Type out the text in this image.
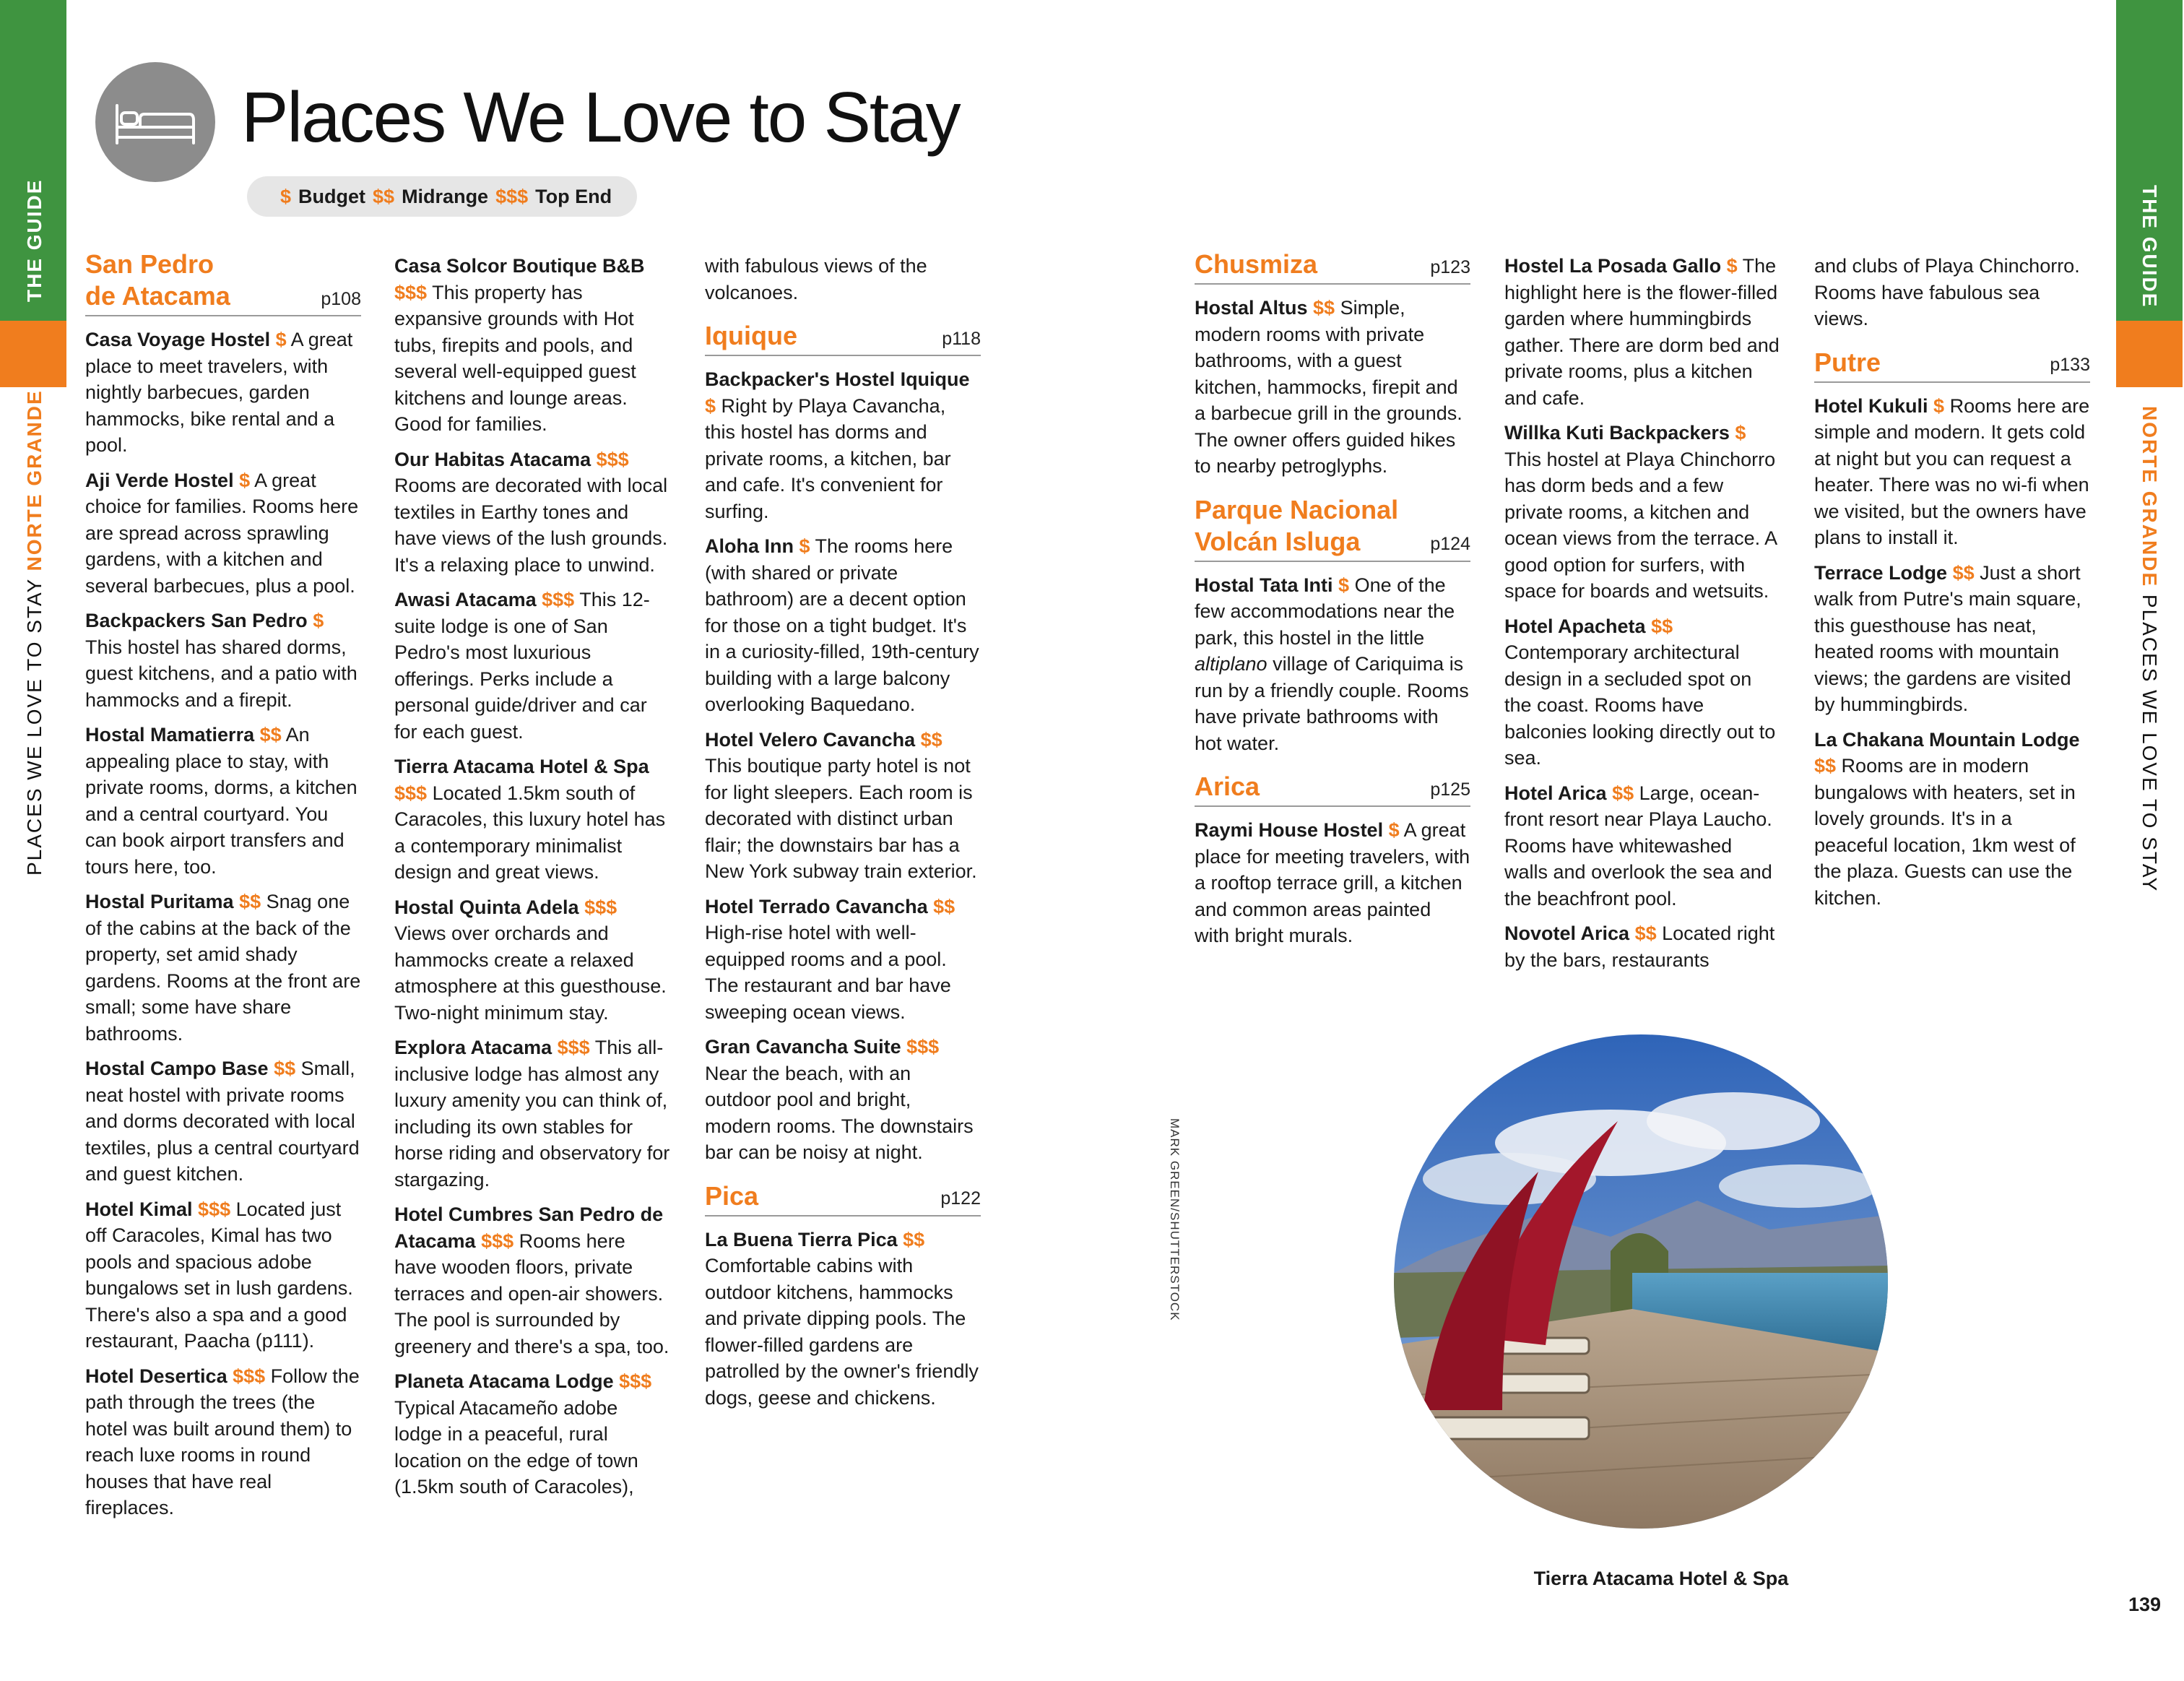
THE GUIDE
PLACES WE LOVE TO STAY NORTE GRANDE
THE GUIDE
NORTE GRANDE PLACES WE LOVE TO STAY
Places We Love to Stay
$ Budget $$ Midrange $$$ Top End
San Pedro
de Atacama	p108

Casa Voyage Hostel $ A great place to meet travelers, with nightly barbecues, garden hammocks, bike rental and a pool.

Aji Verde Hostel $ A great choice for families. Rooms here are spread across sprawling gardens, with a kitchen and several barbecues, plus a pool.

Backpackers San Pedro $ This hostel has shared dorms, guest kitchens, and a patio with hammocks and a firepit.

Hostal Mamatierra $$ An appealing place to stay, with private rooms, dorms, a kitchen and a central courtyard. You can book airport transfers and tours here, too.

Hostal Puritama $$ Snag one of the cabins at the back of the property, set amid shady gardens. Rooms at the front are small; some have share bathrooms.

Hostal Campo Base $$ Small, neat hostel with private rooms and dorms decorated with local textiles, plus a central courtyard and guest kitchen.

Hotel Kimal $$$ Located just off Caracoles, Kimal has two pools and spacious adobe bungalows set in lush gardens. There's also a spa and a good restaurant, Paacha (p111).

Hotel Desertica $$$ Follow the path through the trees (the hotel was built around them) to reach luxe rooms in round houses that have real fireplaces.

Casa Solcor Boutique B&B $$$ This property has expansive grounds with Hot tubs, firepits and pools, and several well-equipped guest kitchens and lounge areas. Good for families.

Our Habitas Atacama $$$ Rooms are decorated with local textiles in Earthy tones and have views of the lush grounds. It's a relaxing place to unwind.

Awasi Atacama $$$ This 12-suite lodge is one of San Pedro's most luxurious offerings. Perks include a personal guide/driver and car for each guest.

Tierra Atacama Hotel & Spa $$$ Located 1.5km south of Caracoles, this luxury hotel has a contemporary minimalist design and great views.

Hostal Quinta Adela $$$ Views over orchards and hammocks create a relaxed atmosphere at this guesthouse. Two-night minimum stay.

Explora Atacama $$$ This all-inclusive lodge has almost any luxury amenity you can think of, including its own stables for horse riding and observatory for stargazing.

Hotel Cumbres San Pedro de Atacama $$$ Rooms here have wooden floors, private terraces and open-air showers. The pool is surrounded by greenery and there's a spa, too.

Planeta Atacama Lodge $$$ Typical Atacameño adobe lodge in a peaceful, rural location on the edge of town (1.5km south of Caracoles),

with fabulous views of the volcanoes.

Iquique	p118

Backpacker's Hostel Iquique $ Right by Playa Cavancha, this hostel has dorms and private rooms, a kitchen, bar and cafe. It's convenient for surfing.

Aloha Inn $ The rooms here (with shared or private bathroom) are a decent option for those on a tight budget. It's in a curiosity-filled, 19th-century building with a large balcony overlooking Baquedano.

Hotel Velero Cavancha $$ This boutique party hotel is not for light sleepers. Each room is decorated with distinct urban flair; the downstairs bar has a New York subway train exterior.

Hotel Terrado Cavancha $$ High-rise hotel with well-equipped rooms and a pool. The restaurant and bar have sweeping ocean views.

Gran Cavancha Suite $$$ Near the beach, with an outdoor pool and bright, modern rooms. The downstairs bar can be noisy at night.

Pica	p122

La Buena Tierra Pica $$ Comfortable cabins with outdoor kitchens, hammocks and private dipping pools. The flower-filled gardens are patrolled by the owner's friendly dogs, geese and chickens.

Chusmiza	p123

Hostal Altus $$ Simple, modern rooms with private bathrooms, with a guest kitchen, hammocks, firepit and a barbecue grill in the grounds. The owner offers guided hikes to nearby petroglyphs.

Parque Nacional
Volcán Isluga	p124

Hostal Tata Inti $ One of the few accommodations near the park, this hostel in the little altiplano village of Cariquima is run by a friendly couple. Rooms have private bathrooms with hot water.

Arica	p125

Raymi House Hostel $ A great place for meeting travelers, with a rooftop terrace grill, a kitchen and common areas painted with bright murals.

Hostel La Posada Gallo $ The highlight here is the flower-filled garden where hummingbirds gather. There are dorm bed and private rooms, plus a kitchen and cafe.

Willka Kuti Backpackers $ This hostel at Playa Chinchorro has dorm beds and a few private rooms, a kitchen and ocean views from the terrace. A good option for surfers, with space for boards and wetsuits.

Hotel Apacheta $$ Contemporary architectural design in a secluded spot on the coast. Rooms have balconies looking directly out to sea.

Hotel Arica $$ Large, ocean-front resort near Playa Laucho. Rooms have whitewashed walls and overlook the sea and the beachfront pool.

Novotel Arica $$ Located right by the bars, restaurants

and clubs of Playa Chinchorro. Rooms have fabulous sea views.

Putre	p133

Hotel Kukuli $ Rooms here are simple and modern. It gets cold at night but you can request a heater. There was no wi-fi when we visited, but the owners have plans to install it.

Terrace Lodge $$ Just a short walk from Putre's main square, this guesthouse has neat, heated rooms with mountain views; the gardens are visited by hummingbirds.

La Chakana Mountain Lodge $$ Rooms are in modern bungalows with heaters, set in lovely grounds. It's in a peaceful location, 1km west of the plaza. Guests can use the kitchen.

MARK GREEN/SHUTTERSTOCK
Tierra Atacama Hotel & Spa
139
